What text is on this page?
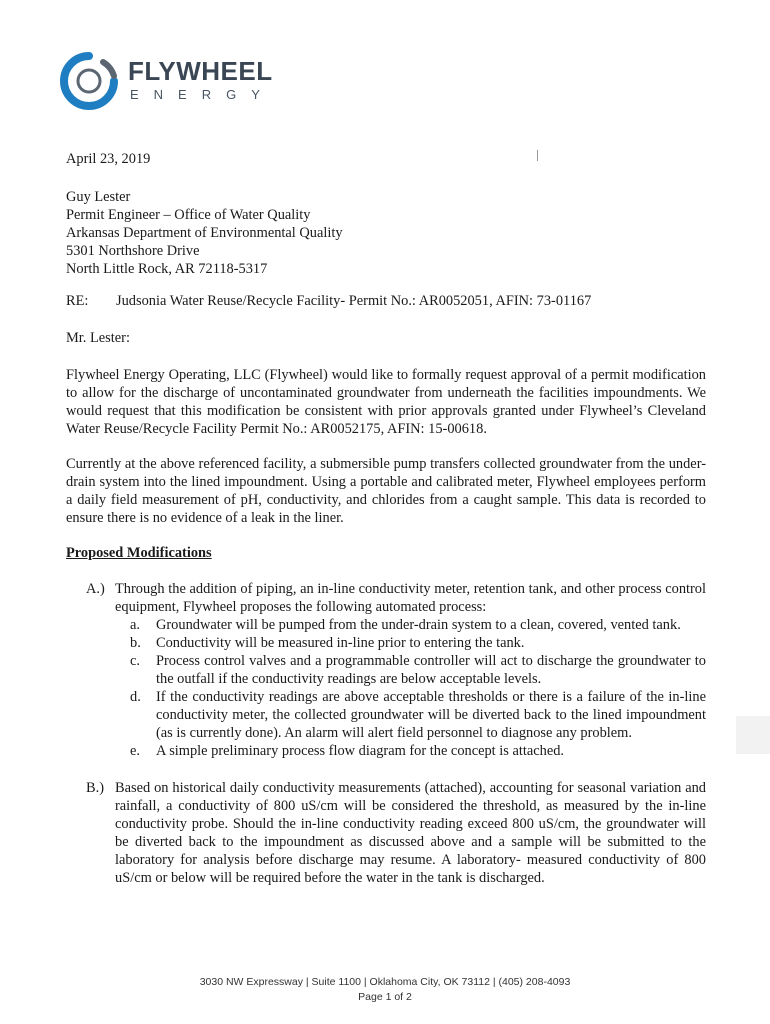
FLYWHEEL
ENERGY
April 23, 2019
Guy Lester
Permit Engineer – Office of Water Quality
Arkansas Department of Environmental Quality
5301 Northshore Drive
North Little Rock, AR 72118-5317
RE: Judsonia Water Reuse/Recycle Facility- Permit No.: AR0052051, AFIN: 73-01167
Mr. Lester:
Flywheel Energy Operating, LLC (Flywheel) would like to formally request approval of a permit modification to allow for the discharge of uncontaminated groundwater from underneath the facilities impoundments. We would request that this modification be consistent with prior approvals granted under Flywheel’s Cleveland Water Reuse/Recycle Facility Permit No.: AR0052175, AFIN: 15-00618.
Currently at the above referenced facility, a submersible pump transfers collected groundwater from the under-drain system into the lined impoundment. Using a portable and calibrated meter, Flywheel employees perform a daily field measurement of pH, conductivity, and chlorides from a caught sample. This data is recorded to ensure there is no evidence of a leak in the liner.
Proposed Modifications
A.) Through the addition of piping, an in-line conductivity meter, retention tank, and other process control equipment, Flywheel proposes the following automated process:
a. Groundwater will be pumped from the under-drain system to a clean, covered, vented tank.
b. Conductivity will be measured in-line prior to entering the tank.
c. Process control valves and a programmable controller will act to discharge the groundwater to the outfall if the conductivity readings are below acceptable levels.
d. If the conductivity readings are above acceptable thresholds or there is a failure of the in-line conductivity meter, the collected groundwater will be diverted back to the lined impoundment (as is currently done). An alarm will alert field personnel to diagnose any problem.
e. A simple preliminary process flow diagram for the concept is attached.
B.) Based on historical daily conductivity measurements (attached), accounting for seasonal variation and rainfall, a conductivity of 800 uS/cm will be considered the threshold, as measured by the in-line conductivity probe. Should the in-line conductivity reading exceed 800 uS/cm, the groundwater will be diverted back to the impoundment as discussed above and a sample will be submitted to the laboratory for analysis before discharge may resume. A laboratory- measured conductivity of 800 uS/cm or below will be required before the water in the tank is discharged.
3030 NW Expressway | Suite 1100 | Oklahoma City, OK 73112 | (405) 208-4093
Page 1 of 2
